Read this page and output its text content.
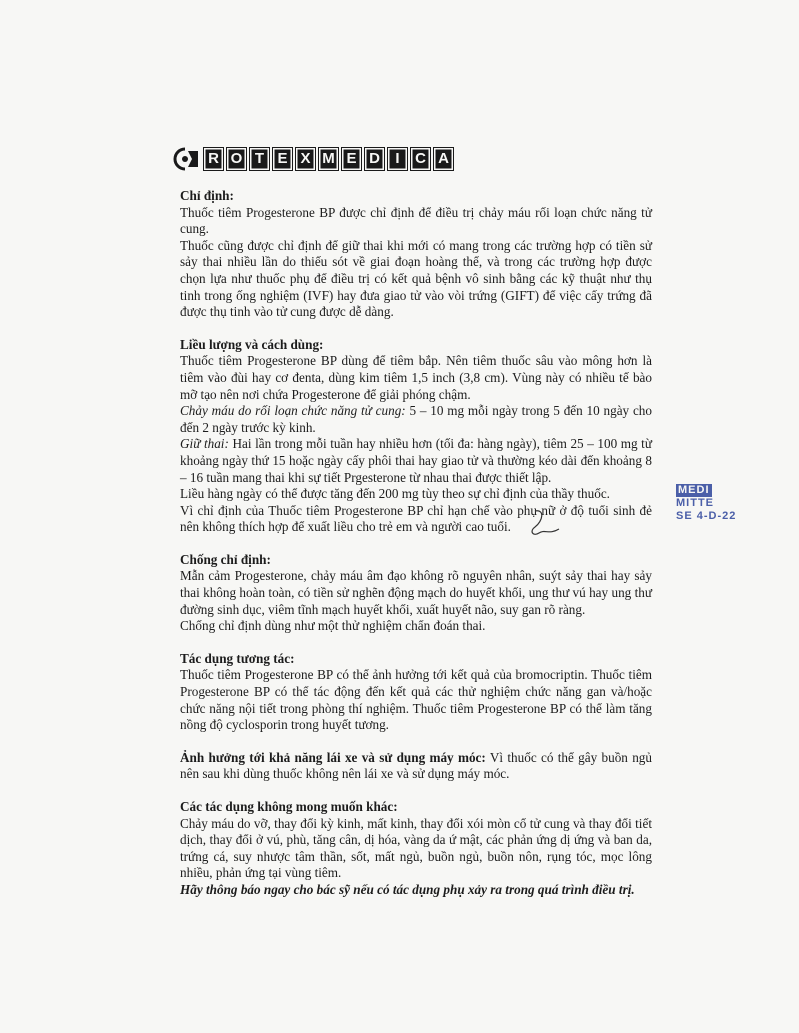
R O T E X M E D	I	C A

Chỉ định:

Thuốc tiêm Progesterone BP được chỉ định để điều trị chảy máu rối loạn chức năng tử cung.

Thuốc cũng được chỉ định để giữ thai khi mới có mang trong các trường hợp có tiền sử sảy thai nhiều lần do thiếu sót về giai đoạn hoàng thể, và trong các trường hợp được chọn lựa như thuốc phụ để điều trị có kết quả bệnh vô sinh bằng các kỹ thuật như thụ tinh trong ống nghiệm (IVF) hay đưa giao tử vào vòi trứng (GIFT) để việc cấy trứng đã được thụ tinh vào tử cung được dễ dàng.

Liều lượng và cách dùng:

Thuốc tiêm Progesterone BP dùng để tiêm bắp. Nên tiêm thuốc sâu vào mông hơn là tiêm vào đùi hay cơ đenta, dùng kim tiêm 1,5 inch (3,8 cm). Vùng này có nhiều tế bào mỡ tạo nên nơi chứa Progesterone để giải phóng chậm.

Chảy máu do rối loạn chức năng tử cung: 5 – 10 mg mỗi ngày trong 5 đến 10 ngày cho đến 2 ngày trước kỳ kinh.

Giữ thai: Hai lần trong mỗi tuần hay nhiều hơn (tối đa: hàng ngày), tiêm 25 – 100 mg từ khoảng ngày thứ 15 hoặc ngày cấy phôi thai hay giao tử và thường kéo dài đến khoảng 8 – 16 tuần mang thai khi sự tiết Prgesterone từ nhau thai được thiết lập.

Liều hàng ngày có thể được tăng đến 200 mg tùy theo sự chỉ định của thầy thuốc.

Vì chỉ định của Thuốc tiêm Progesterone BP chỉ hạn chế vào phụ nữ ở độ tuổi sinh đẻ nên không thích hợp để xuất liều cho trẻ em và người cao tuổi.

Chống chỉ định:

Mẫn cảm Progesterone, chảy máu âm đạo không rõ nguyên nhân, suýt sảy thai hay sảy thai không hoàn toàn, có tiền sử nghẽn động mạch do huyết khối, ung thư vú hay ung thư đường sinh dục, viêm tĩnh mạch huyết khối, xuất huyết não, suy gan rõ ràng.

Chống chỉ định dùng như một thử nghiệm chẩn đoán thai.

Tác dụng tương tác:

Thuốc tiêm Progesterone BP có thể ảnh hưởng tới kết quả của bromocriptin. Thuốc tiêm Progesterone BP có thể tác động đến kết quả các thử nghiệm chức năng gan và/hoặc chức năng nội tiết trong phòng thí nghiệm. Thuốc tiêm Progesterone BP có thể làm tăng nồng độ cyclosporin trong huyết tương.

Ảnh hưởng tới khả năng lái xe và sử dụng máy móc: Vì thuốc có thể gây buồn ngủ nên sau khi dùng thuốc không nên lái xe và sử dụng máy móc.

Các tác dụng không mong muốn khác:

Chảy máu do vỡ, thay đổi kỳ kinh, mất kinh, thay đổi xói mòn cổ tử cung và thay đổi tiết dịch, thay đổi ở vú, phù, tăng cân, dị hóa, vàng da ứ mật, các phản ứng dị ứng và ban da, trứng cá, suy nhược tâm thần, sốt, mất ngủ, buồn ngủ, buồn nôn, rụng tóc, mọc lông nhiều, phản ứng tại vùng tiêm.

Hãy thông báo ngay cho bác sỹ nếu có tác dụng phụ xảy ra trong quá trình điều trị.

MEDI
MITTE
SE 4-D-22
